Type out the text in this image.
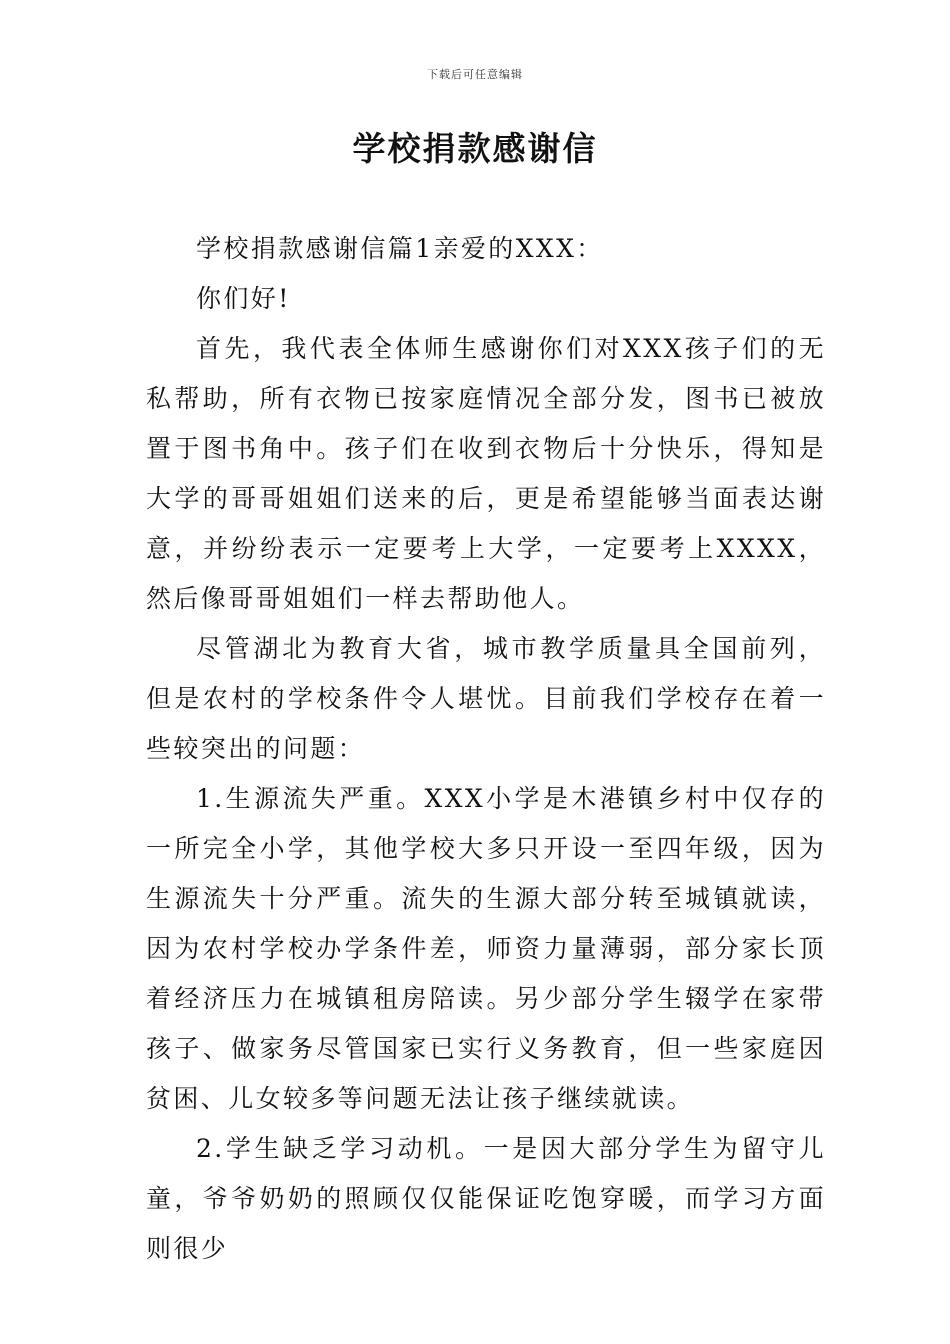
下载后可任意编辑
学校捐款感谢信

学校捐款感谢信篇1亲爱的XXX：

你们好!

首先，我代表全体师生感谢你们对XXX孩子们的无私帮助，所有衣物已按家庭情况全部分发，图书已被放置于图书角中。孩子们在收到衣物后十分快乐，得知是大学的哥哥姐姐们送来的后，更是希望能够当面表达谢意，并纷纷表示一定要考上大学，一定要考上XXXX，然后像哥哥姐姐们一样去帮助他人。

尽管湖北为教育大省，城市教学质量具全国前列，但是农村的学校条件令人堪忧。目前我们学校存在着一些较突出的问题：

1.生源流失严重。XXX小学是木港镇乡村中仅存的一所完全小学，其他学校大多只开设一至四年级，因为生源流失十分严重。流失的生源大部分转至城镇就读，因为农村学校办学条件差，师资力量薄弱，部分家长顶着经济压力在城镇租房陪读。另少部分学生辍学在家带孩子、做家务尽管国家已实行义务教育，但一些家庭因贫困、儿女较多等问题无法让孩子继续就读。

2.学生缺乏学习动机。一是因大部分学生为留守儿童，爷爷奶奶的照顾仅仅能保证吃饱穿暖，而学习方面则很少
